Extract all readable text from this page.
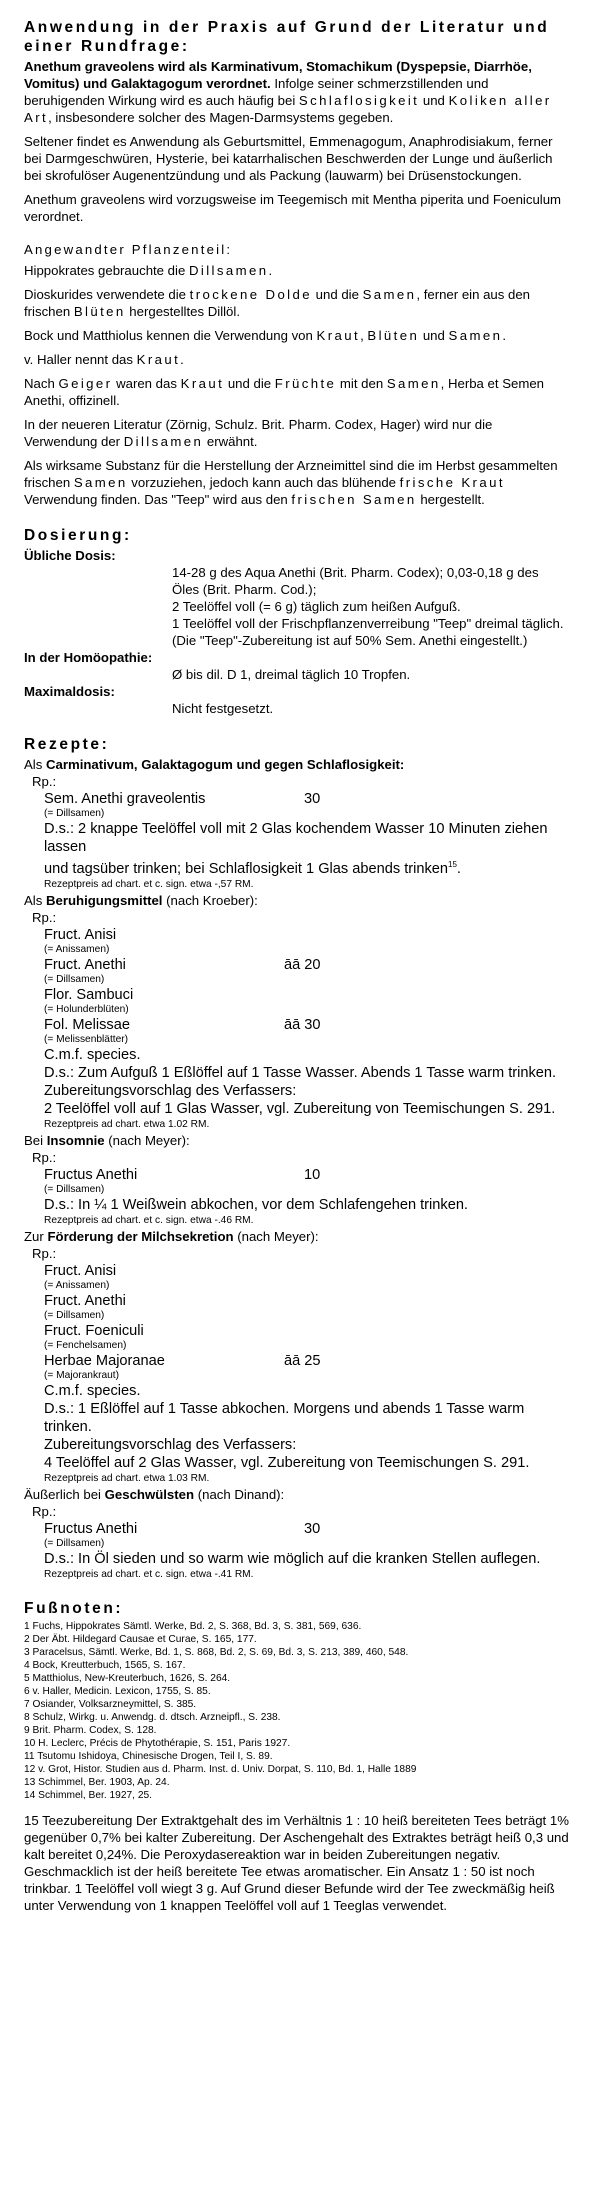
Anwendung in der Praxis auf Grund der Literatur und einer Rundfrage:

Anethum graveolens wird als Karminativum, Stomachikum (Dyspepsie, Diarrhöe, Vomitus) und Galaktagogum verordnet. Infolge seiner schmerzstillenden und beruhigenden Wirkung wird es auch häufig bei Schlaflosigkeit und Koliken aller Art, insbesondere solcher des Magen-Darmsystems gegeben.

Seltener findet es Anwendung als Geburtsmittel, Emmenagogum, Anaphrodisiakum, ferner bei Darmgeschwüren, Hysterie, bei katarrhalischen Beschwerden der Lunge und äußerlich bei skrofulöser Augenentzündung und als Packung (lauwarm) bei Drüsenstockungen.

Anethum graveolens wird vorzugsweise im Teegemisch mit Mentha piperita und Foeniculum verordnet.

Angewandter Pflanzenteil:

Hippokrates gebrauchte die Dillsamen.

Dioskurides verwendete die trockene Dolde und die Samen, ferner ein aus den frischen Blüten hergestelltes Dillöl.

Bock und Matthiolus kennen die Verwendung von Kraut, Blüten und Samen.

v. Haller nennt das Kraut.

Nach Geiger waren das Kraut und die Früchte mit den Samen, Herba et Semen Anethi, offizinell.

In der neueren Literatur (Zörnig, Schulz. Brit. Pharm. Codex, Hager) wird nur die Verwendung der Dillsamen erwähnt.

Als wirksame Substanz für die Herstellung der Arzneimittel sind die im Herbst gesammelten frischen Samen vorzuziehen, jedoch kann auch das blühende frische Kraut Verwendung finden. Das "Teep" wird aus den frischen Samen hergestellt.

Dosierung:
Übliche Dosis:
14-28 g des Aqua Anethi (Brit. Pharm. Codex); 0,03-0,18 g des Öles (Brit. Pharm. Cod.);
2 Teelöffel voll (= 6 g) täglich zum heißen Aufguß.
1 Teelöffel voll der Frischpflanzenverreibung "Teep" dreimal täglich.
(Die "Teep"-Zubereitung ist auf 50% Sem. Anethi eingestellt.)
In der Homöopathie:
Ø bis dil. D 1, dreimal täglich 10 Tropfen.
Maximaldosis:
Nicht festgesetzt.
Rezepte:
Als Carminativum, Galaktagogum und gegen Schlaflosigkeit:
Rp.:
Sem. Anethi graveolentis	30
(= Dillsamen)
D.s.: 2 knappe Teelöffel voll mit 2 Glas kochendem Wasser 10 Minuten ziehen lassen
und tagsüber trinken; bei Schlaflosigkeit 1 Glas abends trinken$^{15}$.
Rezeptpreis ad chart. et c. sign. etwa -,57 RM.
Als Beruhigungsmittel (nach Kroeber):
Rp.:
Fruct. Anisi
(= Anissamen)
Fruct. Anethi	āā 20
(= Dillsamen)
Flor. Sambuci
(= Holunderblüten)
Fol. Melissae	āā 30
(= Melissenblätter)
C.m.f. species.
D.s.: Zum Aufguß 1 Eßlöffel auf 1 Tasse Wasser. Abends 1 Tasse warm trinken.
Zubereitungsvorschlag des Verfassers:
2 Teelöffel voll auf 1 Glas Wasser, vgl. Zubereitung von Teemischungen S. 291.
Rezeptpreis ad chart. etwa 1.02 RM.
Bei Insomnie (nach Meyer):
Rp.:
Fructus Anethi	10
(= Dillsamen)
D.s.: In ¼ 1 Weißwein abkochen, vor dem Schlafengehen trinken.
Rezeptpreis ad chart. et c. sign. etwa -.46 RM.
Zur Förderung der Milchsekretion (nach Meyer):
Rp.:
Fruct. Anisi
(= Anissamen)
Fruct. Anethi
(= Dillsamen)
Fruct. Foeniculi
(= Fenchelsamen)
Herbae Majoranae	āā 25
(= Majorankraut)
C.m.f. species.
D.s.: 1 Eßlöffel auf 1 Tasse abkochen. Morgens und abends 1 Tasse warm trinken.
Zubereitungsvorschlag des Verfassers:
4 Teelöffel auf 2 Glas Wasser, vgl. Zubereitung von Teemischungen S. 291.
Rezeptpreis ad chart. etwa 1.03 RM.
Äußerlich bei Geschwülsten (nach Dinand):
Rp.:
Fructus Anethi	30
(= Dillsamen)
D.s.: In Öl sieden und so warm wie möglich auf die kranken Stellen auflegen.
Rezeptpreis ad chart. et c. sign. etwa -.41 RM.
Fußnoten:
1 Fuchs, Hippokrates Sämtl. Werke, Bd. 2, S. 368, Bd. 3, S. 381, 569, 636.
2 Der Äbt. Hildegard Causae et Curae, S. 165, 177.
3 Paracelsus, Sämtl. Werke, Bd. 1, S. 868, Bd. 2, S. 69, Bd. 3, S. 213, 389, 460, 548.
4 Bock, Kreutterbuch, 1565, S. 167.
5 Matthiolus, New-Kreuterbuch, 1626, S. 264.
6 v. Haller, Medicin. Lexicon, 1755, S. 85.
7 Osiander, Volksarzneymittel, S. 385.
8 Schulz, Wirkg. u. Anwendg. d. dtsch. Arzneipfl., S. 238.
9 Brit. Pharm. Codex, S. 128.
10 H. Leclerc, Précis de Phytothérapie, S. 151, Paris 1927.
11 Tsutomu Ishidoya, Chinesische Drogen, Teil I, S. 89.
12 v. Grot, Histor. Studien aus d. Pharm. Inst. d. Univ. Dorpat, S. 110, Bd. 1, Halle 1889
13 Schimmel, Ber. 1903, Ap. 24.
14 Schimmel, Ber. 1927, 25.
15 Teezubereitung Der Extraktgehalt des im Verhältnis 1 : 10 heiß bereiteten Tees beträgt 1% gegenüber 0,7% bei kalter Zubereitung. Der Aschengehalt des Extraktes beträgt heiß 0,3 und kalt bereitet 0,24%. Die Peroxydasereaktion war in beiden Zubereitungen negativ. Geschmacklich ist der heiß bereitete Tee etwas aromatischer. Ein Ansatz 1 : 50 ist noch trinkbar. 1 Teelöffel voll wiegt 3 g. Auf Grund dieser Befunde wird der Tee zweckmäßig heiß unter Verwendung von 1 knappen Teelöffel voll auf 1 Teeglas verwendet.
